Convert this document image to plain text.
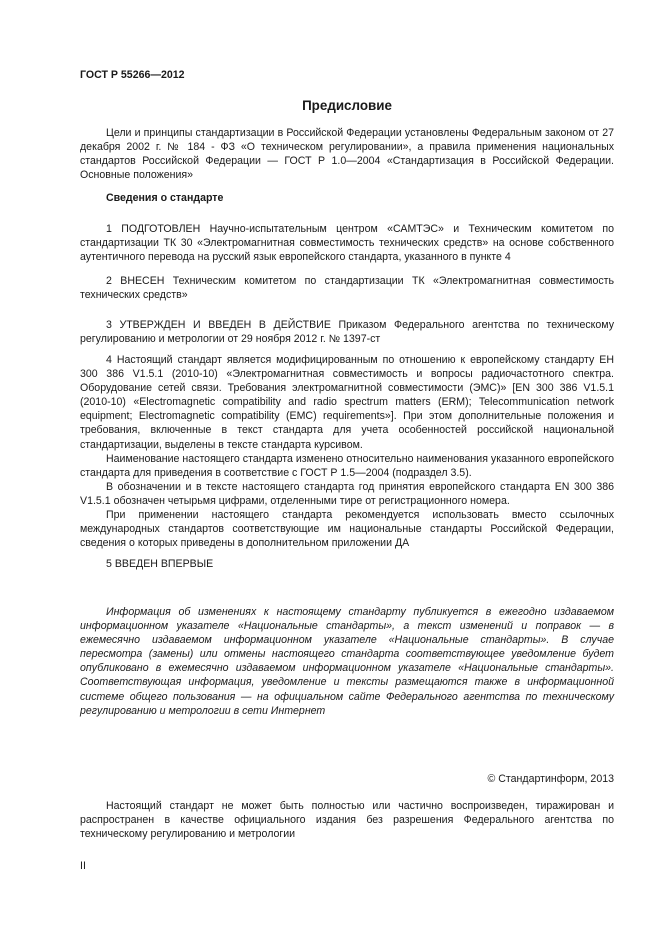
ГОСТ Р 55266—2012
Предисловие

Цели и принципы стандартизации в Российской Федерации установлены Федеральным законом от 27 декабря 2002 г. № 184 - ФЗ «О техническом регулировании», а правила применения национальных стандартов Российской Федерации — ГОСТ Р 1.0—2004 «Стандартизация в Российской Федерации. Основные положения»

Сведения о стандарте

1 ПОДГОТОВЛЕН Научно-испытательным центром «САМТЭС» и Техническим комитетом по стандартизации ТК 30 «Электромагнитная совместимость технических средств» на основе собственного аутентичного перевода на русский язык европейского стандарта, указанного в пункте 4

2 ВНЕСЕН Техническим комитетом по стандартизации ТК «Электромагнитная совместимость технических средств»

3 УТВЕРЖДЕН И ВВЕДЕН В ДЕЙСТВИЕ Приказом Федерального агентства по техническому регулированию и метрологии от 29 ноября 2012 г. № 1397-ст

4 Настоящий стандарт является модифицированным по отношению к европейскому стандарту ЕН 300 386 V1.5.1 (2010-10) «Электромагнитная совместимость и вопросы радиочастотного спектра. Оборудование сетей связи. Требования электромагнитной совместимости (ЭМС)» [EN 300 386 V1.5.1 (2010-10) «Electromagnetic compatibility and radio spectrum matters (ERM); Telecommunication network equipment; Electromagnetic compatibility (EMC) requirements»]. При этом дополнительные положения и требования, включенные в текст стандарта для учета особенностей российской национальной стандартизации, выделены в тексте стандарта курсивом.

Наименование настоящего стандарта изменено относительно наименования указанного европейского стандарта для приведения в соответствие с ГОСТ Р 1.5—2004 (подраздел 3.5).

В обозначении и в тексте настоящего стандарта год принятия европейского стандарта EN 300 386 V1.5.1 обозначен четырьмя цифрами, отделенными тире от регистрационного номера.

При применении настоящего стандарта рекомендуется использовать вместо ссылочных международных стандартов соответствующие им национальные стандарты Российской Федерации, сведения о которых приведены в дополнительном приложении ДА

5 ВВЕДЕН ВПЕРВЫЕ

Информация об изменениях к настоящему стандарту публикуется в ежегодно издаваемом информационном указателе «Национальные стандарты», а текст изменений и поправок — в ежемесячно издаваемом информационном указателе «Национальные стандарты». В случае пересмотра (замены) или отмены настоящего стандарта соответствующее уведомление будет опубликовано в ежемесячно издаваемом информационном указателе «Национальные стандарты». Соответствующая информация, уведомление и тексты размещаются также в информационной системе общего пользования — на официальном сайте Федерального агентства по техническому регулированию и метрологии в сети Интернет

© Стандартинформ, 2013

Настоящий стандарт не может быть полностью или частично воспроизведен, тиражирован и распространен в качестве официального издания без разрешения Федерального агентства по техническому регулированию и метрологии

II
